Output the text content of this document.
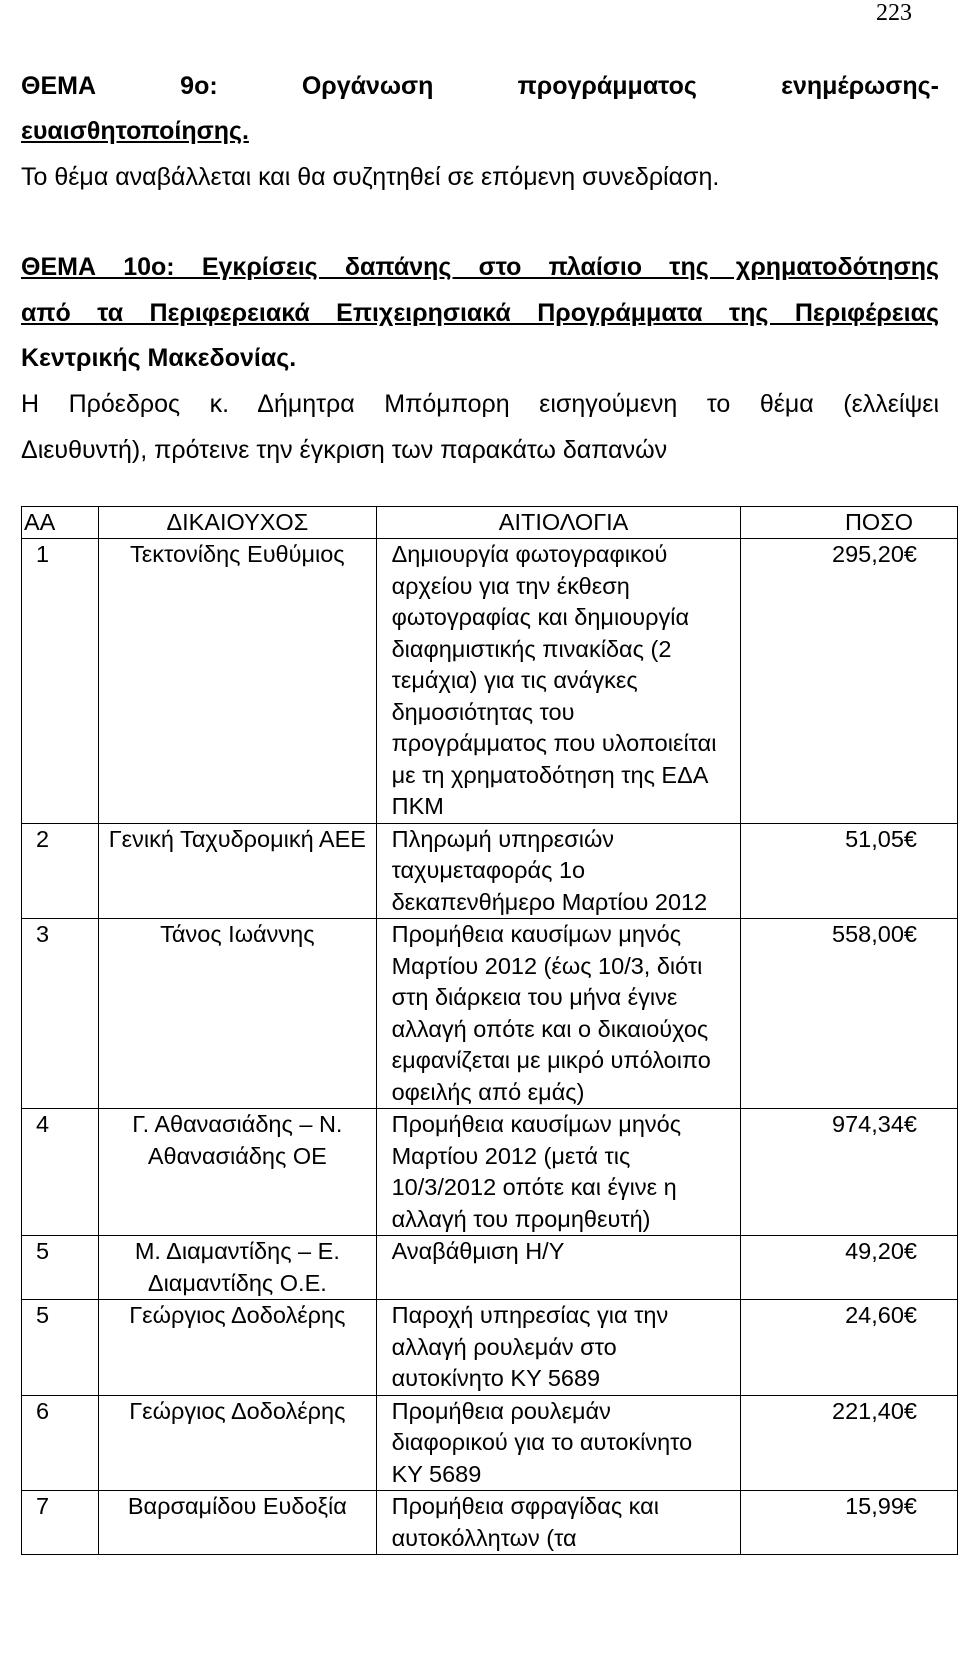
223
ΘΕΜΑ	9ο:	Οργάνωση	προγράμματος	ενημέρωσης-
ευαισθητοποίησης.
Το θέμα αναβάλλεται και θα συζητηθεί σε επόμενη συνεδρίαση.
ΘΕΜΑ 10ο: Εγκρίσεις δαπάνης στο πλαίσιο της χρηματοδότησης
από τα Περιφερειακά Επιχειρησιακά Προγράμματα της Περιφέρειας
Κεντρικής Μακεδονίας.
Η Πρόεδρος κ. Δήμητρα Μπόμπορη εισηγούμενη το θέμα (ελλείψει
Διευθυντή), πρότεινε την έγκριση των παρακάτω δαπανών
ΑΑ	ΔΙΚΑΙΟΥΧΟΣ	ΑΙΤΙΟΛΟΓΙΑ	ΠΟΣΟ
1	Τεκτονίδης Ευθύμιος	Δημιουργία φωτογραφικού αρχείου για την έκθεση φωτογραφίας και δημιουργία διαφημιστικής πινακίδας (2 τεμάχια) για τις ανάγκες δημοσιότητας του προγράμματος που υλοποιείται με τη χρηματοδότηση της ΕΔΑ ΠΚΜ	295,20€
2	Γενική Ταχυδρομική ΑΕΕ	Πληρωμή υπηρεσιών ταχυμεταφοράς 1ο δεκαπενθήμερο Μαρτίου 2012	51,05€
3	Τάνος Ιωάννης	Προμήθεια καυσίμων μηνός Μαρτίου 2012 (έως 10/3, διότι στη διάρκεια του μήνα έγινε αλλαγή οπότε και ο δικαιούχος εμφανίζεται με μικρό υπόλοιπο οφειλής από εμάς)	558,00€
4	Γ. Αθανασιάδης – Ν. Αθανασιάδης ΟΕ	Προμήθεια καυσίμων μηνός Μαρτίου 2012 (μετά τις 10/3/2012 οπότε και έγινε η αλλαγή του προμηθευτή)	974,34€
5	Μ. Διαμαντίδης – Ε. Διαμαντίδης Ο.Ε.	Αναβάθμιση Η/Υ	49,20€
5	Γεώργιος Δοδολέρης	Παροχή υπηρεσίας για την αλλαγή ρουλεμάν στο αυτοκίνητο ΚΥ 5689	24,60€
6	Γεώργιος Δοδολέρης	Προμήθεια ρουλεμάν διαφορικού για το αυτοκίνητο ΚΥ 5689	221,40€
7	Βαρσαμίδου Ευδοξία	Προμήθεια σφραγίδας και αυτοκόλλητων (τα	15,99€
